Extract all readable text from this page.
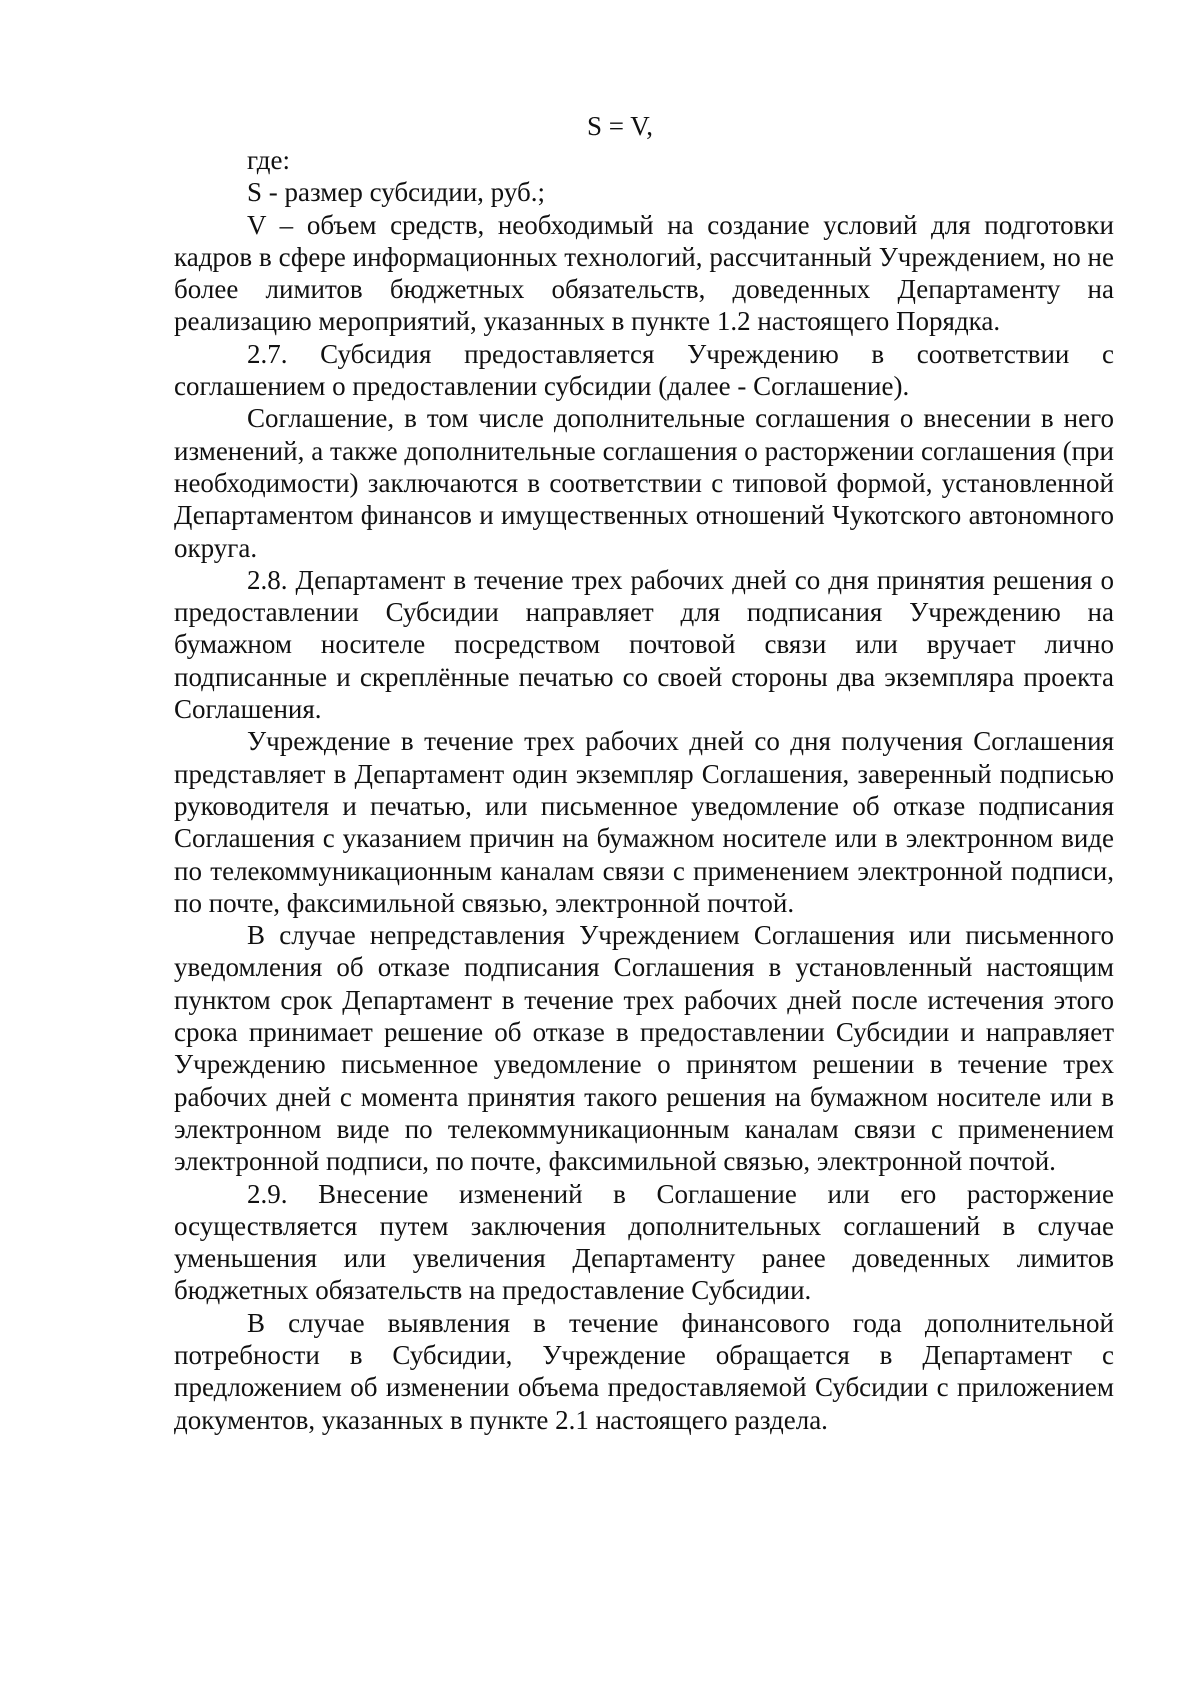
S = V,

где:

S - размер субсидии, руб.;

V – объем средств, необходимый на создание условий для подготовки кадров в сфере информационных технологий, рассчитанный Учреждением, но не более лимитов бюджетных обязательств, доведенных Департаменту на реализацию мероприятий, указанных в пункте 1.2 настоящего Порядка.

2.7. Субсидия предоставляется Учреждению в соответствии с соглашением о предоставлении субсидии (далее - Соглашение).

Соглашение, в том числе дополнительные соглашения о внесении в него изменений, а также дополнительные соглашения о расторжении соглашения (при необходимости) заключаются в соответствии с типовой формой, установленной Департаментом финансов и имущественных отношений Чукотского автономного округа.

2.8. Департамент в течение трех рабочих дней со дня принятия решения о предоставлении Субсидии направляет для подписания Учреждению на бумажном носителе посредством почтовой связи или вручает лично подписанные и скреплённые печатью со своей стороны два экземпляра проекта Соглашения.

Учреждение в течение трех рабочих дней со дня получения Соглашения представляет в Департамент один экземпляр Соглашения, заверенный подписью руководителя и печатью, или письменное уведомление об отказе подписания Соглашения с указанием причин на бумажном носителе или в электронном виде по телекоммуникационным каналам связи с применением электронной подписи, по почте, факсимильной связью, электронной почтой.

В случае непредставления Учреждением Соглашения или письменного уведомления об отказе подписания Соглашения в установленный настоящим пунктом срок Департамент в течение трех рабочих дней после истечения этого срока принимает решение об отказе в предоставлении Субсидии и направляет Учреждению письменное уведомление о принятом решении в течение трех рабочих дней с момента принятия такого решения на бумажном носителе или в электронном виде по телекоммуникационным каналам связи с применением электронной подписи, по почте, факсимильной связью, электронной почтой.

2.9. Внесение изменений в Соглашение или его расторжение осуществляется путем заключения дополнительных соглашений в случае уменьшения или увеличения Департаменту ранее доведенных лимитов бюджетных обязательств на предоставление Субсидии.

В случае выявления в течение финансового года дополнительной потребности в Субсидии, Учреждение обращается в Департамент с предложением об изменении объема предоставляемой Субсидии с приложением документов, указанных в пункте 2.1 настоящего раздела.
